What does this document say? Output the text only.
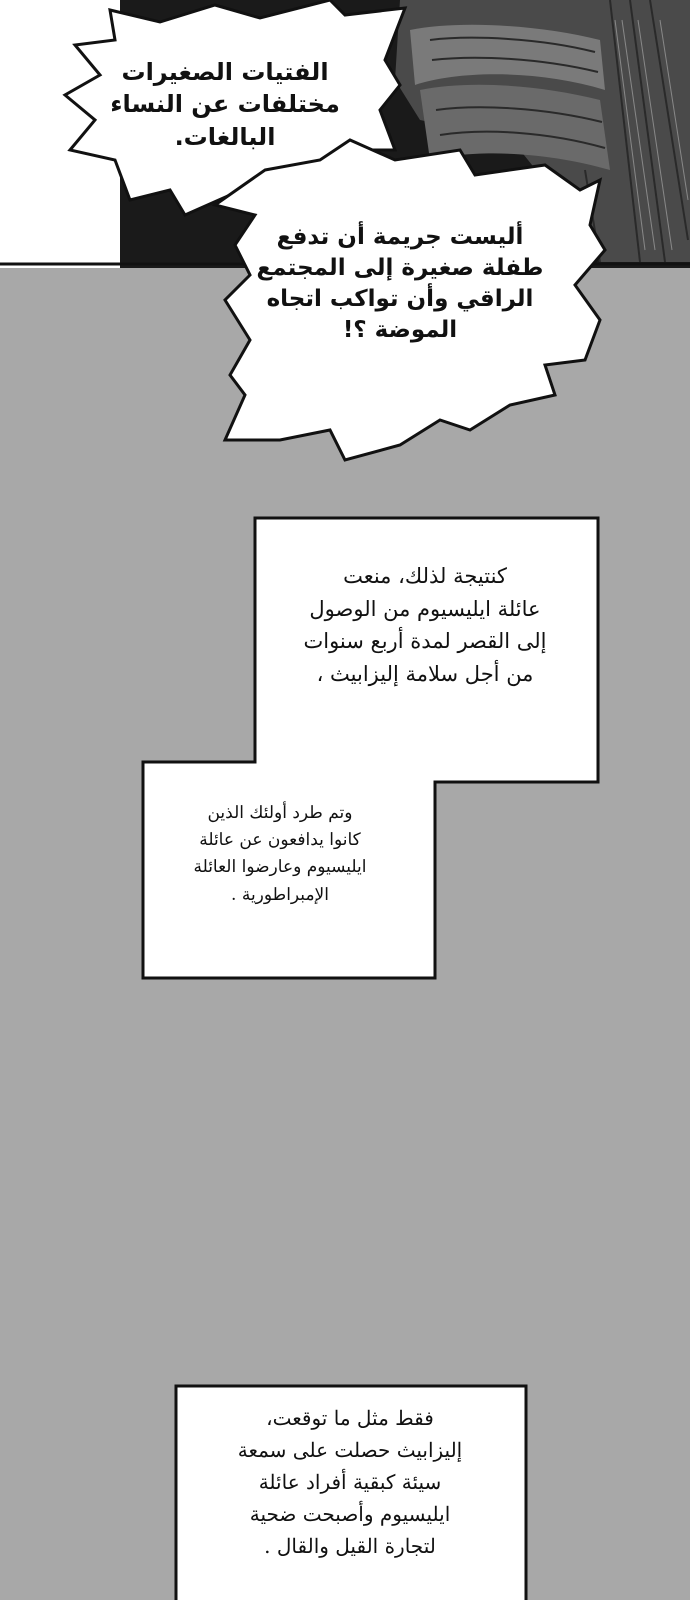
الفتيات الصغيرات
مختلفات عن النساء
البالغات.

أليست جريمة أن تدفع
طفلة صغيرة إلى المجتمع
الراقي وأن تواكب اتجاه
الموضة ؟!

كنتيجة لذلك، منعت
عائلة ايليسيوم من الوصول
إلى القصر لمدة أربع سنوات
من أجل سلامة إليزابيث ،

وتم طرد أولئك الذين
كانوا يدافعون عن عائلة
ايليسيوم وعارضوا العائلة
الإمبراطورية .

فقط مثل ما توقعت،
إليزابيث حصلت على سمعة
سيئة كبقية أفراد عائلة
ايليسيوم وأصبحت ضحية
لتجارة القيل والقال .
